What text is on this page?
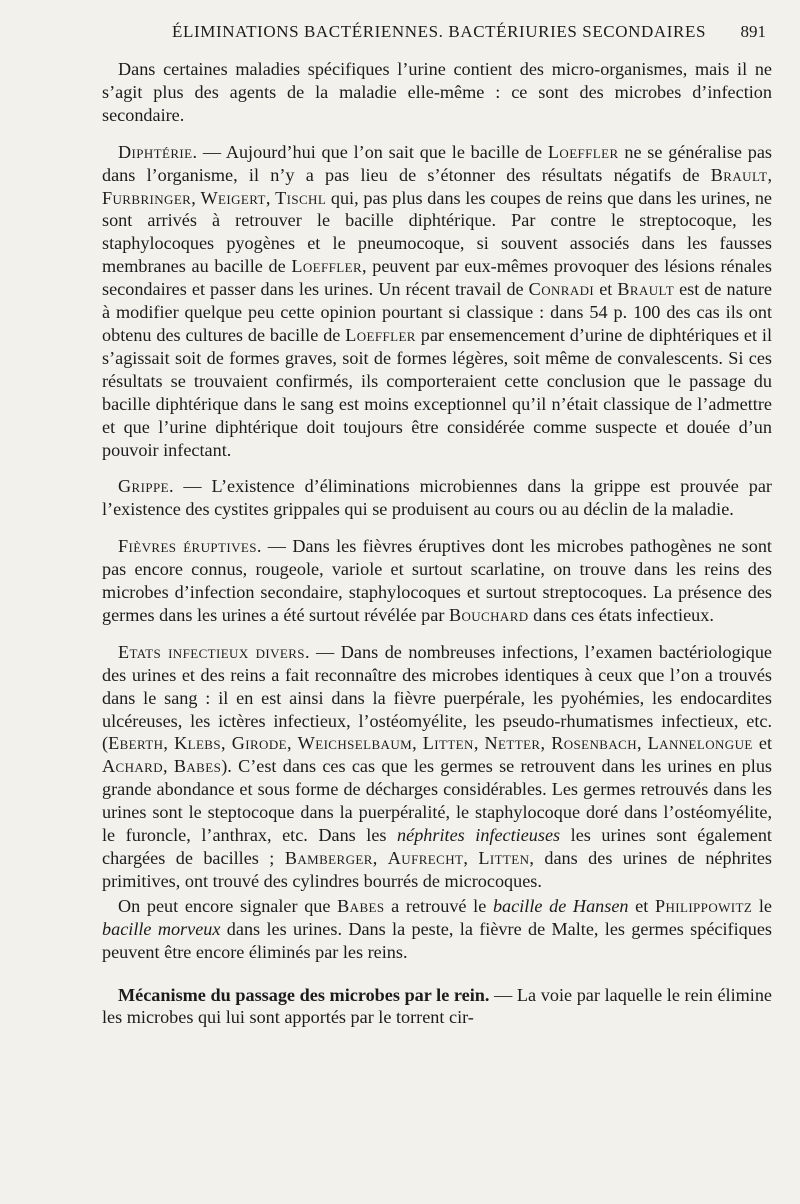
ÉLIMINATIONS BACTÉRIENNES. BACTÉRIURIES SECONDAIRES 891

Dans certaines maladies spécifiques l’urine contient des micro-organismes, mais il ne s’agit plus des agents de la maladie elle-même : ce sont des microbes d’infection secondaire.

Diphtérie. — Aujourd’hui que l’on sait que le bacille de Loeffler ne se généralise pas dans l’organisme, il n’y a pas lieu de s’étonner des résultats négatifs de Brault, Furbringer, Weigert, Tischl qui, pas plus dans les coupes de reins que dans les urines, ne sont arrivés à retrouver le bacille diphtérique. Par contre le streptocoque, les staphylocoques pyogènes et le pneumocoque, si souvent associés dans les fausses membranes au bacille de Loeffler, peuvent par eux-mêmes provoquer des lésions rénales secondaires et passer dans les urines. Un récent travail de Conradi et Brault est de nature à modifier quelque peu cette opinion pourtant si classique : dans 54 p. 100 des cas ils ont obtenu des cultures de bacille de Loeffler par ensemencement d’urine de diphtériques et il s’agissait soit de formes graves, soit de formes légères, soit même de convalescents. Si ces résultats se trouvaient confirmés, ils comporteraient cette conclusion que le passage du bacille diphtérique dans le sang est moins exceptionnel qu’il n’était classique de l’admettre et que l’urine diphtérique doit toujours être considérée comme suspecte et douée d’un pouvoir infectant.

Grippe. — L’existence d’éliminations microbiennes dans la grippe est prouvée par l’existence des cystites grippales qui se produisent au cours ou au déclin de la maladie.

Fièvres éruptives. — Dans les fièvres éruptives dont les microbes pathogènes ne sont pas encore connus, rougeole, variole et surtout scarlatine, on trouve dans les reins des microbes d’infection secondaire, staphylocoques et surtout streptocoques. La présence des germes dans les urines a été surtout révélée par Bouchard dans ces états infectieux.

Etats infectieux divers. — Dans de nombreuses infections, l’examen bactériologique des urines et des reins a fait reconnaître des microbes identiques à ceux que l’on a trouvés dans le sang : il en est ainsi dans la fièvre puerpérale, les pyohémies, les endocardites ulcéreuses, les ictères infectieux, l’ostéomyélite, les pseudo-rhumatismes infectieux, etc. (Eberth, Klebs, Girode, Weichselbaum, Litten, Netter, Rosenbach, Lannelongue et Achard, Babes). C’est dans ces cas que les germes se retrouvent dans les urines en plus grande abondance et sous forme de décharges considérables. Les germes retrouvés dans les urines sont le steptocoque dans la puerpéralité, le staphylocoque doré dans l’ostéomyélite, le furoncle, l’anthrax, etc. Dans les néphrites infectieuses les urines sont également chargées de bacilles ; Bamberger, Aufrecht, Litten, dans des urines de néphrites primitives, ont trouvé des cylindres bourrés de microcoques.

On peut encore signaler que Babes a retrouvé le bacille de Hansen et Philippowitz le bacille morveux dans les urines. Dans la peste, la fièvre de Malte, les germes spécifiques peuvent être encore éliminés par les reins.

Mécanisme du passage des microbes par le rein. — La voie par laquelle le rein élimine les microbes qui lui sont apportés par le torrent cir-
